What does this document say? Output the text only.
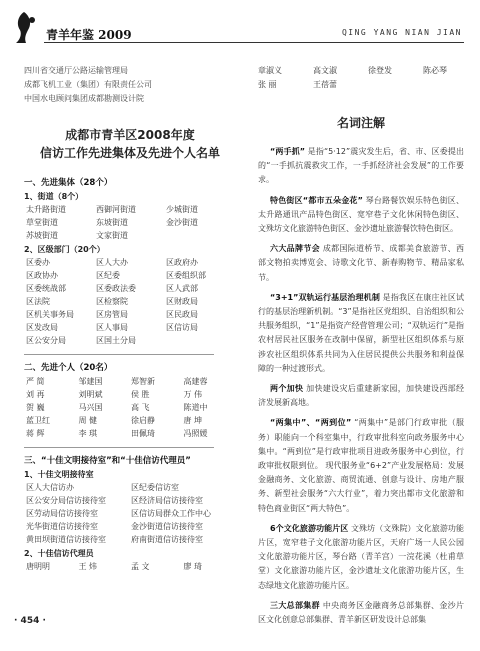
青羊年鉴 2009	QING YANG NIAN JIAN
四川省交通厅公路运输管理局
成都飞机工业（集团）有限责任公司
中国水电顾问集团成都勘测设计院
成都市青羊区2008年度
信访工作先进集体及先进个人名单
一、先进集体（28个）
1、街道（8个）
太升路街道	西御河街道	少城街道
草堂街道	东坡街道	金沙街道
苏坡街道	文家街道
2、区级部门（20个）
区委办	区人大办	区政府办
区政协办	区纪委	区委组织部
区委统战部	区委政法委	区人武部
区法院	区检察院	区财政局
区机关事务局	区房管局	区民政局
区发改局	区人事局	区信访局
区公安分局	区国土分局
二、先进个人（20名）
严 简	邹建国	郑智新	高建蓉
刘 再	刘明斌	侯 胜	万 伟
贺 巍	马兴国	高 飞	陈道中
蓝卫红	周 健	徐启静	唐 坤
蒋 辉	李 琪	田佩琦	冯照媛
三、“十佳文明接待室”和“十佳信访代理员”
1、十佳文明接待室
区人大信访办	区纪委信访室
区公安分局信访接待室	区经济局信访接待室
区劳动局信访接待室	区信访局群众工作中心
光华街道信访接待室	金沙街道信访接待室
黄田坝街道信访接待室	府南街道信访接待室
2、十佳信访代理员
唐明明	王 炜	孟 文	廖 琦
章淑义	高文淑	徐登发	陈必琴
张 丽	王蓓蕾
名词注解
“两手抓” 是指“5·12”震灾发生后，省、市、区委提出的“一手抓抗震救灾工作，一手抓经济社会发展”的工作要求。
特色街区“都市五朵金花” 琴台路餐饮娱乐特色街区、太升路通讯产品特色街区、宽窄巷子文化休闲特色街区、文殊坊文化旅游特色街区、金沙遗址旅游餐饮特色街区。
六大品牌节会 成都国际道桥节、成都美食旅游节、西部文物拍卖博览会、诗歌文化节、新春购物节、精品家私节。
“3+1”双轨运行基层治理机制 是指我区在康庄社区试行的基层治理新机制。“3”是指社区党组织、自治组织和公共服务组织，“1”是指资产经营管理公司；“双轨运行”是指农村居民社区服务在改制中保留，新型社区组织体系与原涉农社区组织体系共同为入住居民提供公共服务和利益保障的一种过渡形式。
两个加快 加快建设灾后重建新家园，加快建设西部经济发展新高地。
“两集中”、“两到位” “两集中”是部门行政审批（服务）职能向一个科室集中，行政审批科室向政务服务中心集中。“两到位”是行政审批项目进政务服务中心到位，行政审批权限到位。 现代服务业“6+2”产业发展格局：发展金融商务、文化旅游、商贸流通、创意与设计、房地产服务、新型社会服务“六大行业”，着力突出都市文化旅游和特色商业街区“两大特色”。
6个文化旅游功能片区 文殊坊（文殊院）文化旅游功能片区，宽窄巷子文化旅游功能片区，天府广场一人民公园文化旅游功能片区，琴台路（青羊宫）一浣花溪（杜甫草堂）文化旅游功能片区，金沙遗址文化旅游功能片区，生态绿地文化旅游功能片区。
三大总部集群 中央商务区金融商务总部集群、金沙片区文化创意总部集群、青羊新区研发设计总部集
· 454 ·
